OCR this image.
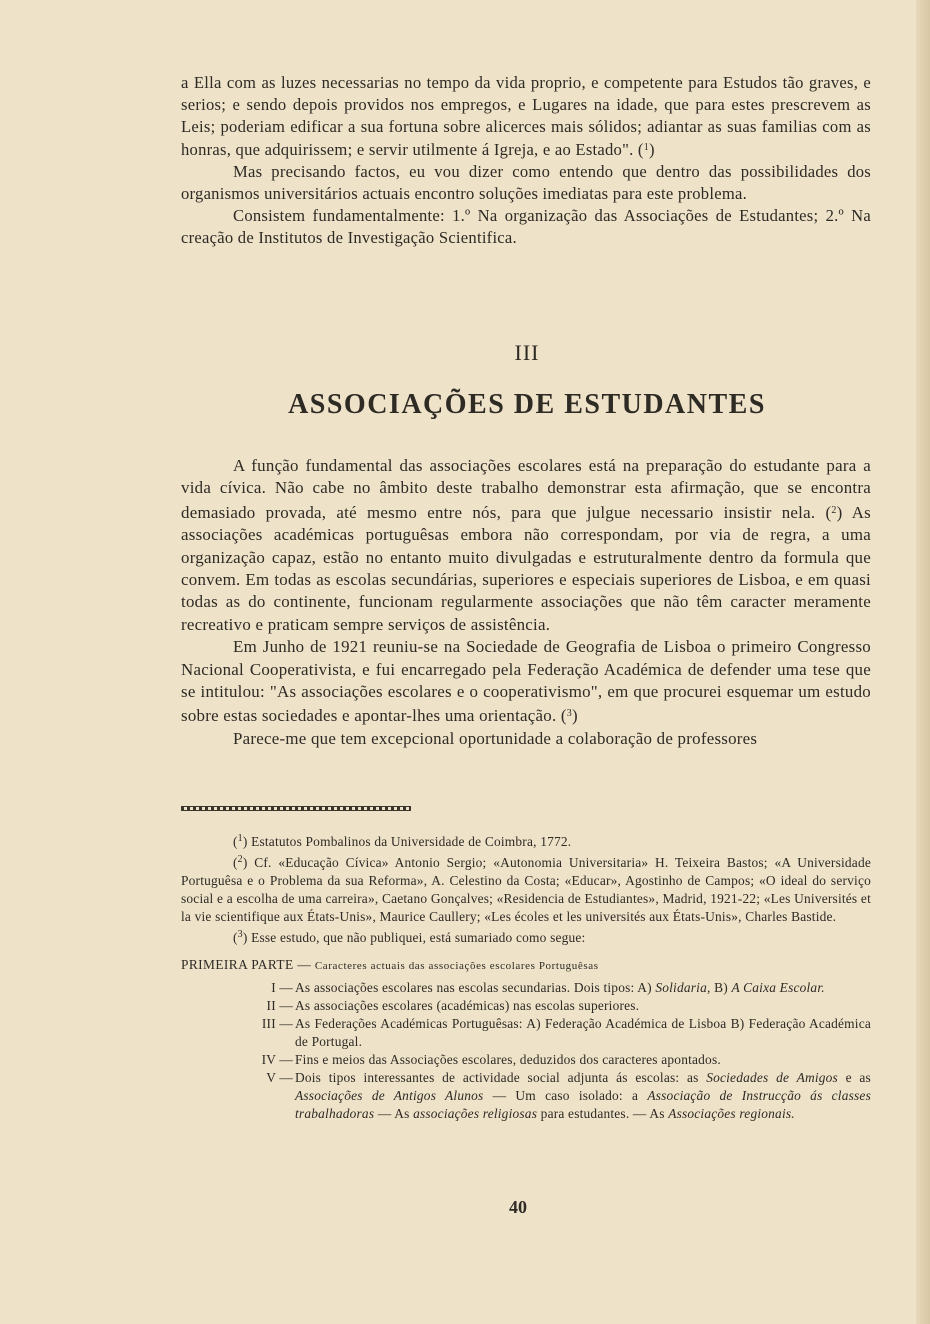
a Ella com as luzes necessarias no tempo da vida proprio, e competente para Estudos tão graves, e serios; e sendo depois providos nos empregos, e Lugares na idade, que para estes prescrevem as Leis; poderiam edificar a sua fortuna sobre alicerces mais sólidos; adiantar as suas familias com as honras, que adquirissem; e servir utilmente á Igreja, e ao Estado". ($^1$)

Mas precisando factos, eu vou dizer como entendo que dentro das possibilidades dos organismos universitários actuais encontro soluções imediatas para este problema.

Consistem fundamentalmente: 1.º Na organização das Associações de Estudantes; 2.º Na creação de Institutos de Investigação Scientifica.

III
ASSOCIAÇÕES DE ESTUDANTES

A função fundamental das associações escolares está na preparação do estudante para a vida cívica. Não cabe no âmbito deste trabalho demonstrar esta afirmação, que se encontra demasiado provada, até mesmo entre nós, para que julgue necessario insistir nela. ($^2$) As associações académicas portuguêsas embora não correspondam, por via de regra, a uma organização capaz, estão no entanto muito divulgadas e estruturalmente dentro da formula que convem. Em todas as escolas secundárias, superiores e especiais superiores de Lisboa, e em quasi todas as do continente, funcionam regularmente associações que não têm caracter meramente recreativo e praticam sempre serviços de assistência.

Em Junho de 1921 reuniu-se na Sociedade de Geografia de Lisboa o primeiro Congresso Nacional Cooperativista, e fui encarregado pela Federação Académica de defender uma tese que se intitulou: "As associações escolares e o cooperativismo", em que procurei esquemar um estudo sobre estas sociedades e apontar-lhes uma orientação. ($^3$)

Parece-me que tem excepcional oportunidade a colaboração de professores

($^1$) Estatutos Pombalinos da Universidade de Coimbra, 1772.

($^2$) Cf. «Educação Cívica» Antonio Sergio; «Autonomia Universitaria» H. Teixeira Bastos; «A Universidade Portuguêsa e o Problema da sua Reforma», A. Celestino da Costa; «Educar», Agostinho de Campos; «O ideal do serviço social e a escolha de uma carreira», Caetano Gonçalves; «Residencia de Estudiantes», Madrid, 1921-22; «Les Universités et la vie scientifique aux États-Unis», Maurice Caullery; «Les écoles et les universités aux États-Unis», Charles Bastide.

($^3$) Esse estudo, que não publiquei, está sumariado como segue:

PRIMEIRA PARTE — Caracteres actuais das associações escolares Portuguêsas

I — As associações escolares nas escolas secundarias. Dois tipos: A) Solidaria, B) A Caixa Escolar.

II — As associações escolares (académicas) nas escolas superiores.

III — As Federações Académicas Portuguêsas: A) Federação Académica de Lisboa B) Federação Académica de Portugal.

IV — Fins e meios das Associações escolares, deduzidos dos caracteres apontados.

V — Dois tipos interessantes de actividade social adjunta ás escolas: as Sociedades de Amigos e as Associações de Antigos Alunos — Um caso isolado: a Associação de Instrucção ás classes trabalhadoras — As associações religiosas para estudantes. — As Associações regionais.

40
